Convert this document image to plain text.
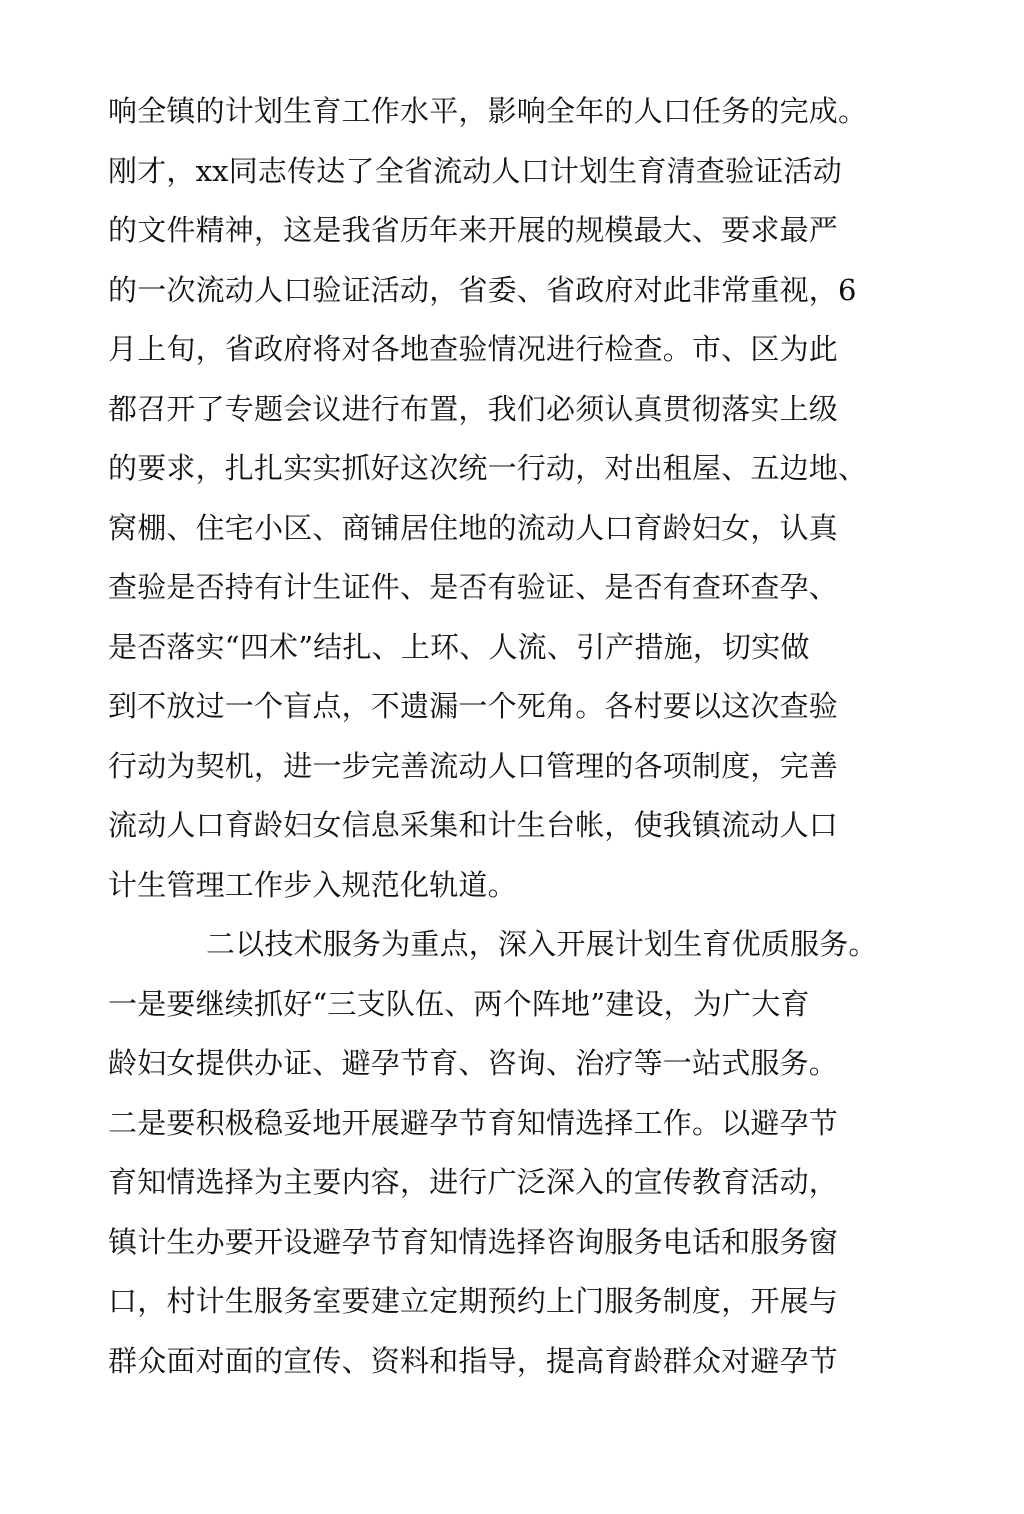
响全镇的计划生育工作水平，影响全年的人口任务的完成。
刚才，xx同志传达了全省流动人口计划生育清查验证活动
的文件精神，这是我省历年来开展的规模最大、要求最严
的一次流动人口验证活动，省委、省政府对此非常重视，6
月上旬，省政府将对各地查验情况进行检查。市、区为此
都召开了专题会议进行布置，我们必须认真贯彻落实上级
的要求，扎扎实实抓好这次统一行动，对出租屋、五边地、
窝棚、住宅小区、商铺居住地的流动人口育龄妇女，认真
查验是否持有计生证件、是否有验证、是否有查环查孕、
是否落实“四术”结扎、上环、人流、引产措施，切实做
到不放过一个盲点，不遗漏一个死角。各村要以这次查验
行动为契机，进一步完善流动人口管理的各项制度，完善
流动人口育龄妇女信息采集和计生台帐，使我镇流动人口
计生管理工作步入规范化轨道。
二以技术服务为重点，深入开展计划生育优质服务。
一是要继续抓好“三支队伍、两个阵地”建设，为广大育
龄妇女提供办证、避孕节育、咨询、治疗等一站式服务。
二是要积极稳妥地开展避孕节育知情选择工作。以避孕节
育知情选择为主要内容，进行广泛深入的宣传教育活动，
镇计生办要开设避孕节育知情选择咨询服务电话和服务窗
口，村计生服务室要建立定期预约上门服务制度，开展与
群众面对面的宣传、资料和指导，提高育龄群众对避孕节
